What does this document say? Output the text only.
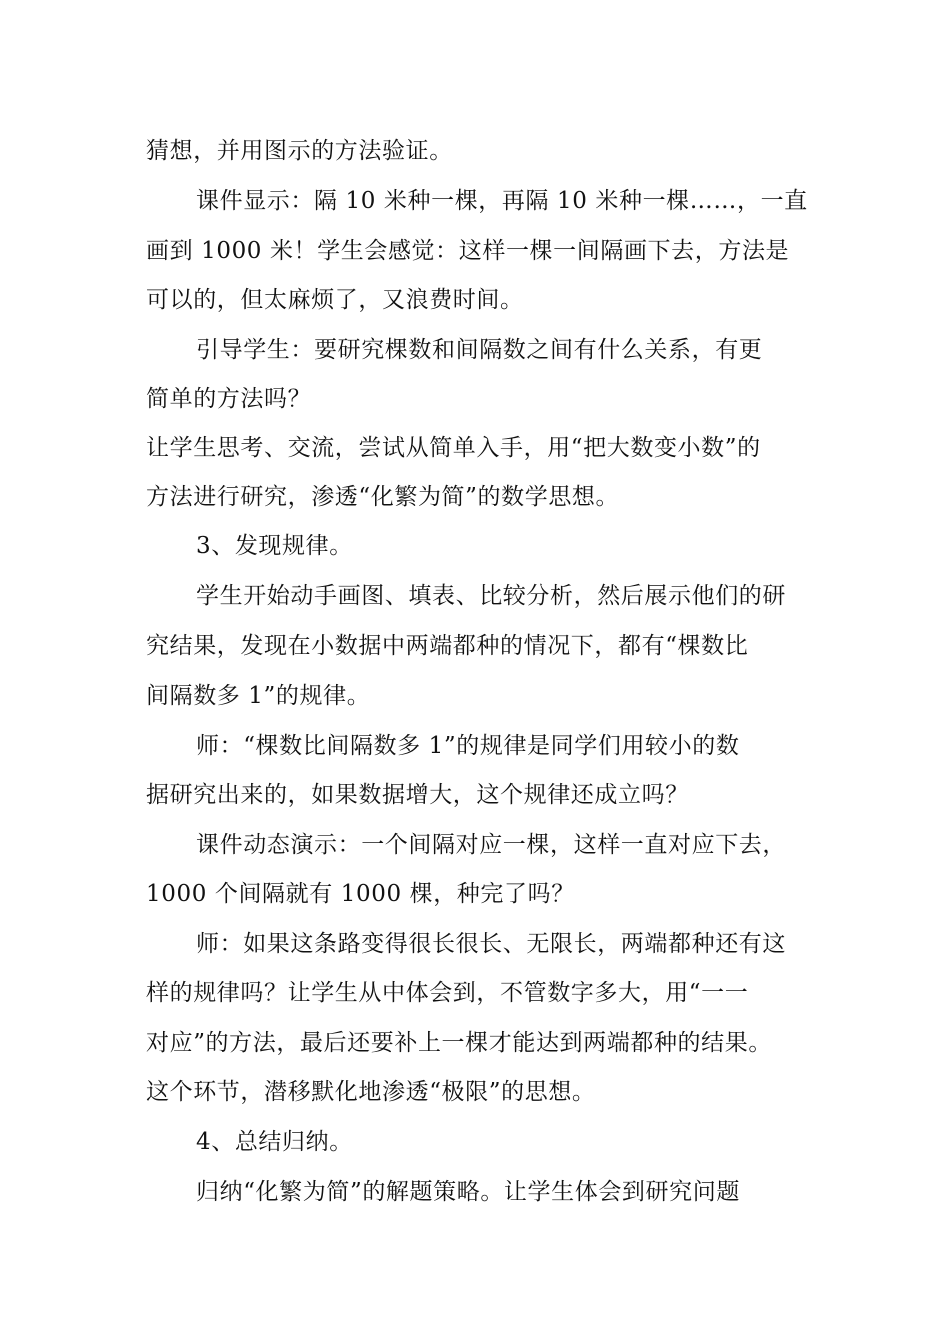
猜想，并用图示的方法验证。
课件显示：隔 10 米种一棵，再隔 10 米种一棵……，一直
画到 1000 米！学生会感觉：这样一棵一间隔画下去，方法是
可以的，但太麻烦了，又浪费时间。
引导学生：要研究棵数和间隔数之间有什么关系，有更
简单的方法吗？
让学生思考、交流，尝试从简单入手，用“把大数变小数”的
方法进行研究，渗透“化繁为简”的数学思想。
3、发现规律。
学生开始动手画图、填表、比较分析，然后展示他们的研
究结果，发现在小数据中两端都种的情况下，都有“棵数比
间隔数多 1”的规律。
师：“棵数比间隔数多 1”的规律是同学们用较小的数
据研究出来的，如果数据增大，这个规律还成立吗？
课件动态演示：一个间隔对应一棵，这样一直对应下去，
1000 个间隔就有 1000 棵，种完了吗？
师：如果这条路变得很长很长、无限长，两端都种还有这
样的规律吗？让学生从中体会到，不管数字多大，用“一一
对应”的方法，最后还要补上一棵才能达到两端都种的结果。
这个环节，潜移默化地渗透“极限”的思想。
4、总结归纳。
归纳“化繁为简”的解题策略。让学生体会到研究问题
